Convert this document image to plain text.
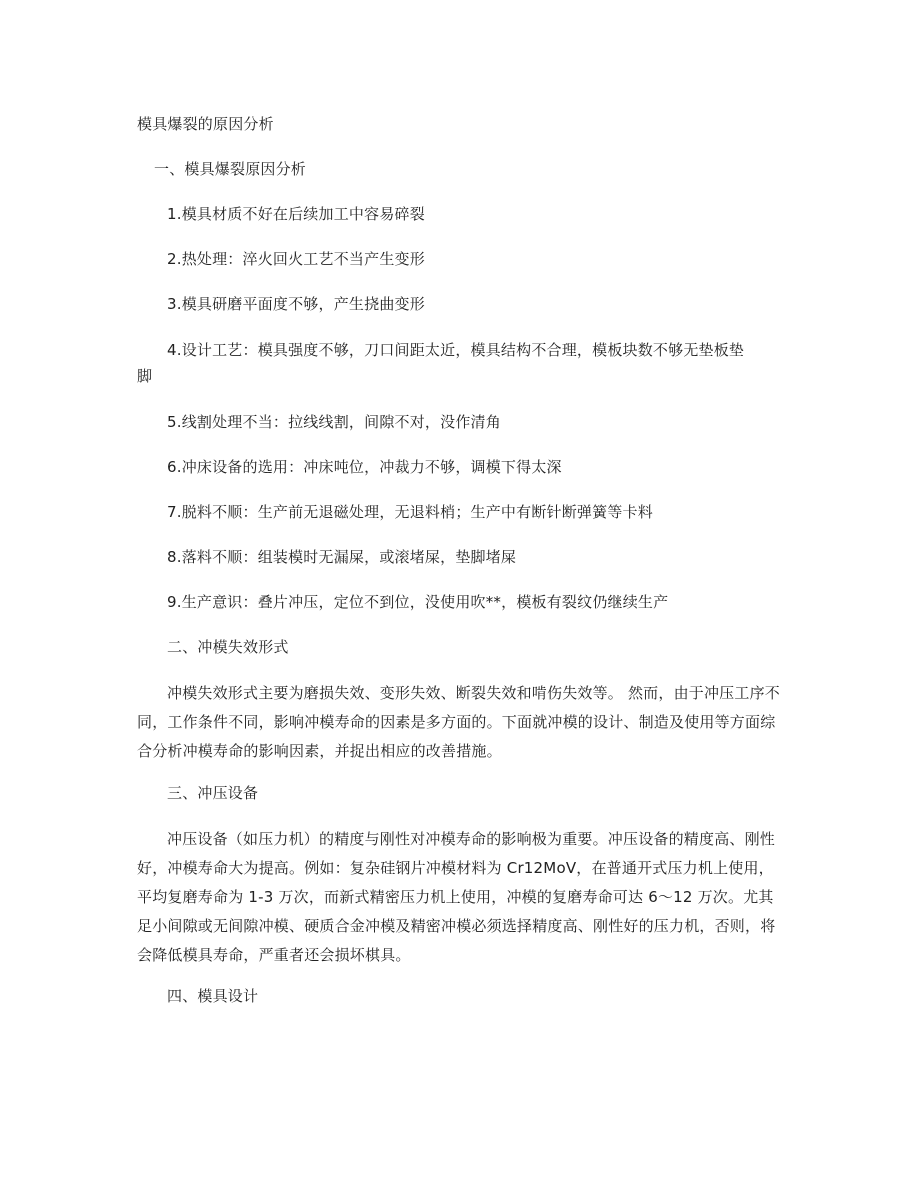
模具爆裂的原因分析
一、模具爆裂原因分析
1.模具材质不好在后续加工中容易碎裂
2.热处理：淬火回火工艺不当产生变形
3.模具研磨平面度不够，产生挠曲变形
4.设计工艺：模具强度不够，刀口间距太近，模具结构不合理，模板块数不够无垫板垫
脚
5.线割处理不当：拉线线割，间隙不对，没作清角
6.冲床设备的选用：冲床吨位，冲裁力不够，调模下得太深
7.脱料不顺：生产前无退磁处理，无退料梢；生产中有断针断弹簧等卡料
8.落料不顺：组装模时无漏屎，或滚堵屎，垫脚堵屎
9.生产意识：叠片冲压，定位不到位，没使用吹**，模板有裂纹仍继续生产
二、冲模失效形式
冲模失效形式主要为磨损失效、变形失效、断裂失效和啃伤失效等。 然而，由于冲压工序不同，工作条件不同，影响冲模寿命的因素是多方面的。下面就冲模的设计、制造及使用等方面综合分析冲模寿命的影响因素，并捉出相应的改善措施。
三、冲压设备
冲压设备（如压力机）的精度与刚性对冲模寿命的影响极为重要。冲压设备的精度高、刚性好，冲模寿命大为提高。例如：复杂硅钢片冲模材料为 Cr12MoV，在普通开式压力机上使用，平均复磨寿命为 1-3 万次，而新式精密压力机上使用，冲模的复磨寿命可达 6～12 万次。尤其足小间隙或无间隙冲模、硬质合金冲模及精密冲模必须选择精度高、刚性好的压力机，否则，将会降低模具寿命，严重者还会损坏棋具。
四、模具设计
